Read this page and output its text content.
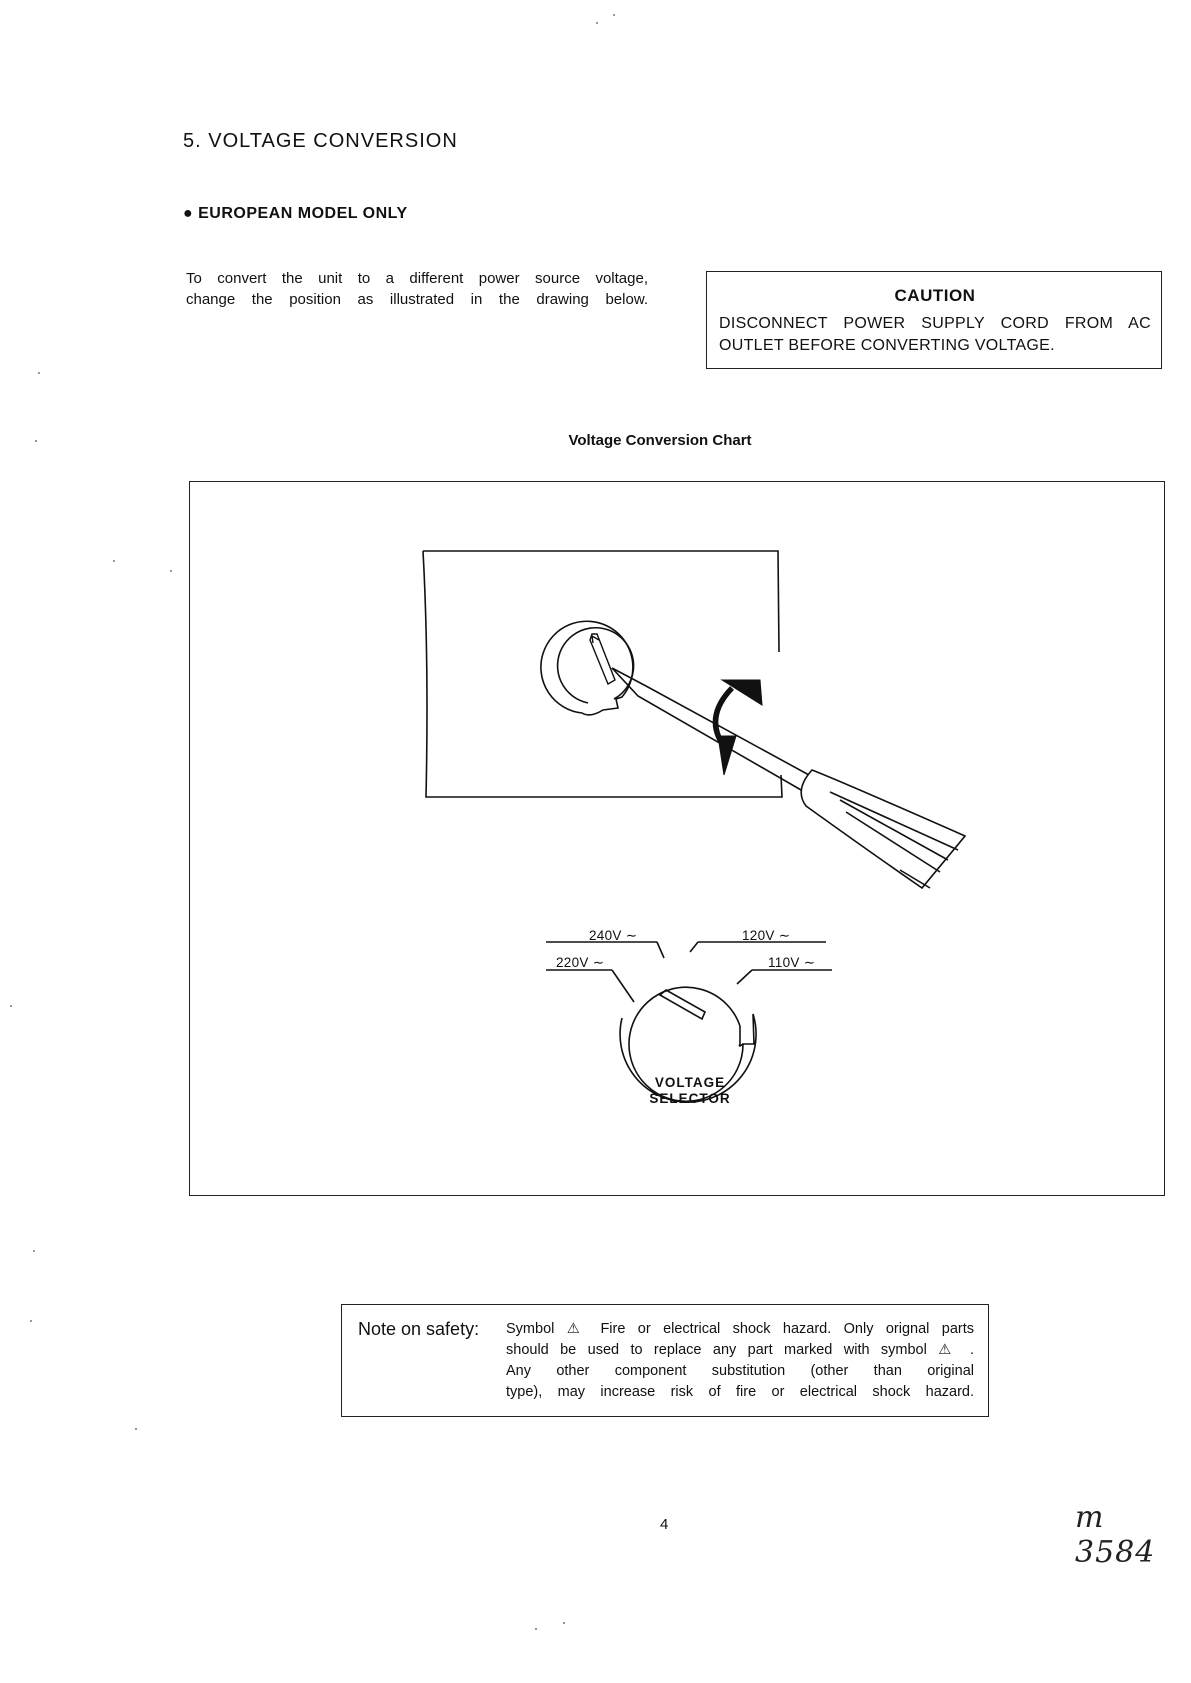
5. VOLTAGE CONVERSION
● EUROPEAN MODEL ONLY
To convert the unit to a different power source voltage,
change the position as illustrated in the drawing below.	CAUTION
DISCONNECT POWER SUPPLY CORD FROM AC
OUTLET BEFORE CONVERTING VOLTAGE.
Voltage Conversion Chart
240V ∼
220V ∼
120V ∼
110V ∼
VOLTAGE
SELECTOR
Note on safety: Symbol ⚠ Fire or electrical shock hazard. Only orignal parts
should be used to replace any part marked with symbol ⚠ .
Any other component substitution (other than original
type), may increase risk of fire or electrical shock hazard.
4	m 3584
